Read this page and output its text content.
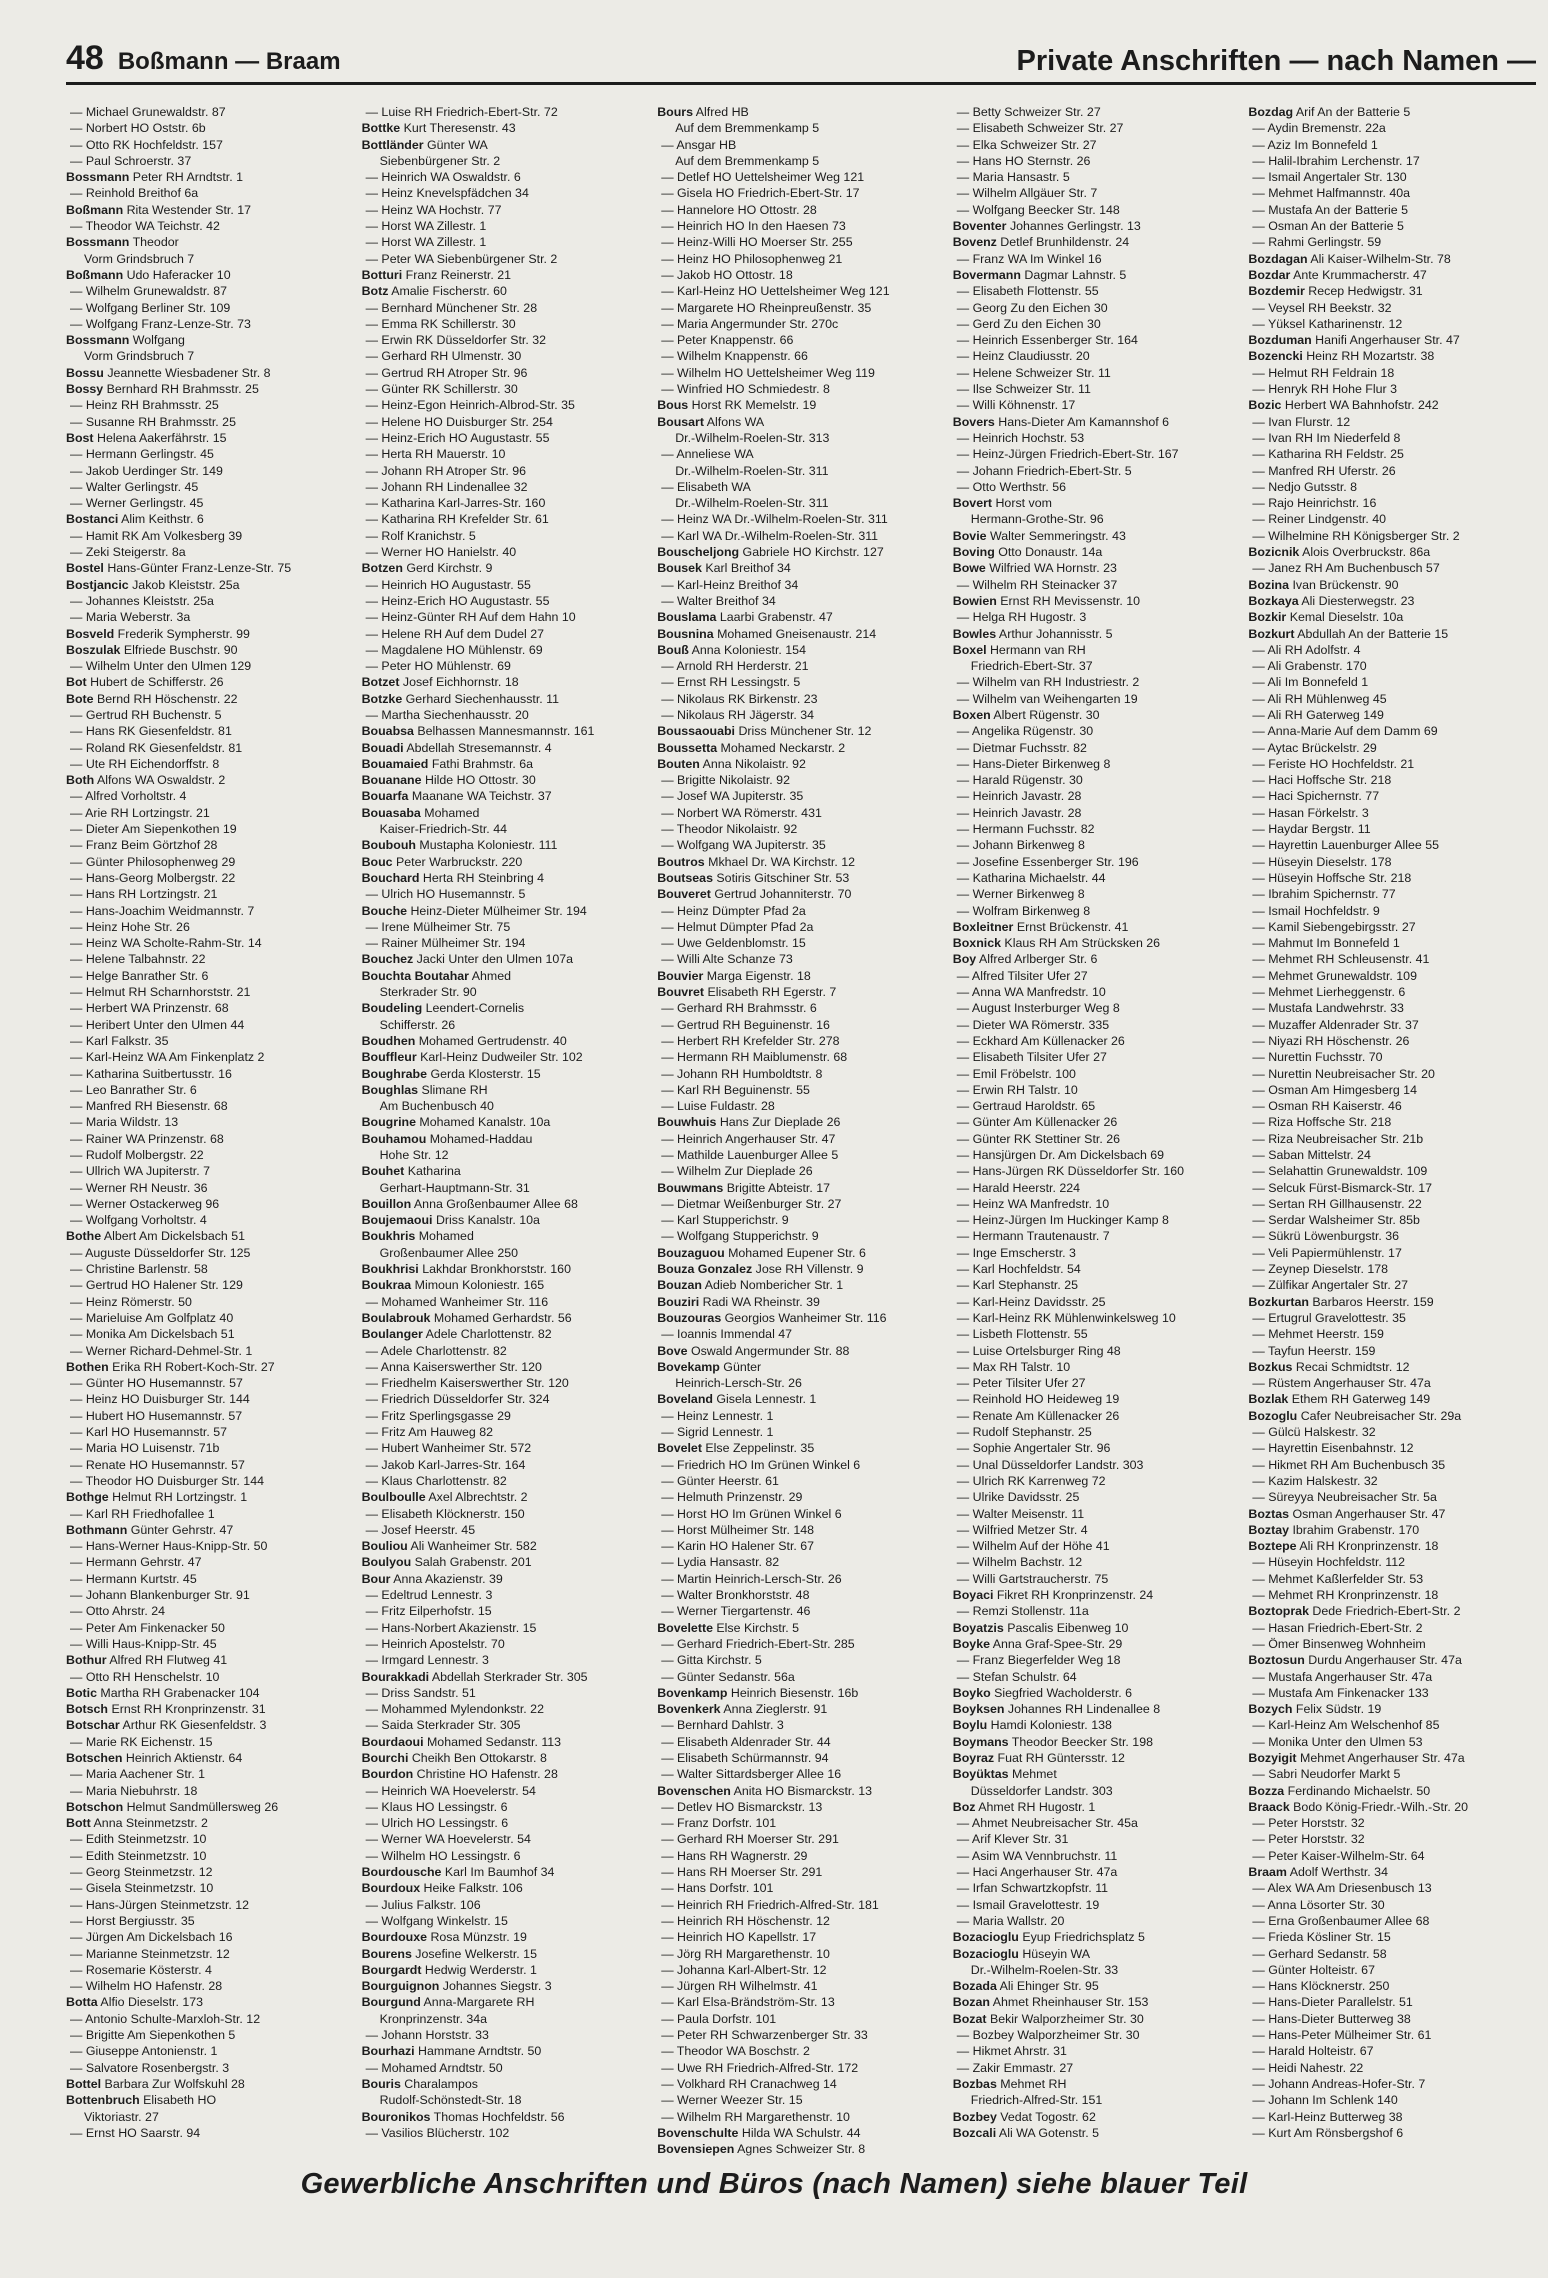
48 Boßmann — Braam	Private Anschriften — nach Namen —
— Michael Grunewaldstr. 87
— Norbert HO Oststr. 6b
— Otto RK Hochfeldstr. 157
— Paul Schroerstr. 37
Bossmann Peter RH Arndtstr. 1
— Reinhold Breithof 6a
Boßmann Rita Westender Str. 17
— Theodor WA Teichstr. 42
Bossmann Theodor
Vorm Grindsbruch 7
Boßmann Udo Haferacker 10
— Wilhelm Grunewaldstr. 87
— Wolfgang Berliner Str. 109
— Wolfgang Franz-Lenze-Str. 73
Bossmann Wolfgang
Vorm Grindsbruch 7
Bossu Jeannette Wiesbadener Str. 8
Bossy Bernhard RH Brahmsstr. 25
— Heinz RH Brahmsstr. 25
— Susanne RH Brahmsstr. 25
Bost Helena Aakerfährstr. 15
— Hermann Gerlingstr. 45
— Jakob Uerdinger Str. 149
— Walter Gerlingstr. 45
— Werner Gerlingstr. 45
Bostanci Alim Keithstr. 6
— Hamit RK Am Volkesberg 39
— Zeki Steigerstr. 8a
Bostel Hans-Günter Franz-Lenze-Str. 75
Bostjancic Jakob Kleiststr. 25a
— Johannes Kleiststr. 25a
— Maria Weberstr. 3a
Bosveld Frederik Sympherstr. 99
Boszulak Elfriede Buschstr. 90
— Wilhelm Unter den Ulmen 129
Bot Hubert de Schifferstr. 26
Bote Bernd RH Höschenstr. 22
— Gertrud RH Buchenstr. 5
— Hans RK Giesenfeldstr. 81
— Roland RK Giesenfeldstr. 81
— Ute RH Eichendorffstr. 8
Both Alfons WA Oswaldstr. 2
— Alfred Vorholtstr. 4
— Arie RH Lortzingstr. 21
— Dieter Am Siepenkothen 19
— Franz Beim Görtzhof 28
— Günter Philosophenweg 29
— Hans-Georg Molbergstr. 22
— Hans RH Lortzingstr. 21
— Hans-Joachim Weidmannstr. 7
— Heinz Hohe Str. 26
— Heinz WA Scholte-Rahm-Str. 14
— Helene Talbahnstr. 22
— Helge Banrather Str. 6
— Helmut RH Scharnhorststr. 21
— Herbert WA Prinzenstr. 68
— Heribert Unter den Ulmen 44
— Karl Falkstr. 35
— Karl-Heinz WA Am Finkenplatz 2
— Katharina Suitbertusstr. 16
— Leo Banrather Str. 6
— Manfred RH Biesenstr. 68
— Maria Wildstr. 13
— Rainer WA Prinzenstr. 68
— Rudolf Molbergstr. 22
— Ullrich WA Jupiterstr. 7
— Werner RH Neustr. 36
— Werner Ostackerweg 96
— Wolfgang Vorholtstr. 4
Bothe Albert Am Dickelsbach 51
— Auguste Düsseldorfer Str. 125
— Christine Barlenstr. 58
— Gertrud HO Halener Str. 129
— Heinz Römerstr. 50
— Marieluise Am Golfplatz 40
— Monika Am Dickelsbach 51
— Werner Richard-Dehmel-Str. 1
Bothen Erika RH Robert-Koch-Str. 27
— Günter HO Husemannstr. 57
— Heinz HO Duisburger Str. 144
— Hubert HO Husemannstr. 57
— Karl HO Husemannstr. 57
— Maria HO Luisenstr. 71b
— Renate HO Husemannstr. 57
— Theodor HO Duisburger Str. 144
Bothge Helmut RH Lortzingstr. 1
— Karl RH Friedhofallee 1
Bothmann Günter Gehrstr. 47
— Hans-Werner Haus-Knipp-Str. 50
— Hermann Gehrstr. 47
— Hermann Kurtstr. 45
— Johann Blankenburger Str. 91
— Otto Ahrstr. 24
— Peter Am Finkenacker 50
— Willi Haus-Knipp-Str. 45
Bothur Alfred RH Flutweg 41
— Otto RH Henschelstr. 10
Botic Martha RH Grabenacker 104
Botsch Ernst RH Kronprinzenstr. 31
Botschar Arthur RK Giesenfeldstr. 3
— Marie RK Eichenstr. 15
Botschen Heinrich Aktienstr. 64
— Maria Aachener Str. 1
— Maria Niebuhrstr. 18
Botschon Helmut Sandmüllersweg 26
Bott Anna Steinmetzstr. 2
— Edith Steinmetzstr. 10
— Edith Steinmetzstr. 10
— Georg Steinmetzstr. 12
— Gisela Steinmetzstr. 10
— Hans-Jürgen Steinmetzstr. 12
— Horst Bergiusstr. 35
— Jürgen Am Dickelsbach 16
— Marianne Steinmetzstr. 12
— Rosemarie Kösterstr. 4
— Wilhelm HO Hafenstr. 28
Botta Alfio Dieselstr. 173
— Antonio Schulte-Marxloh-Str. 12
— Brigitte Am Siepenkothen 5
— Giuseppe Antonienstr. 1
— Salvatore Rosenbergstr. 3
Bottel Barbara Zur Wolfskuhl 28
Bottenbruch Elisabeth HO
Viktoriastr. 27
— Ernst HO Saarstr. 94
— Luise RH Friedrich-Ebert-Str. 72
Bottke Kurt Theresenstr. 43
Bottländer Günter WA
Siebenbürgener Str. 2
— Heinrich WA Oswaldstr. 6
— Heinz Knevelspfädchen 34
— Heinz WA Hochstr. 77
— Horst WA Zillestr. 1
— Horst WA Zillestr. 1
— Peter WA Siebenbürgener Str. 2
Botturi Franz Reinerstr. 21
Botz Amalie Fischerstr. 60
— Bernhard Münchener Str. 28
— Emma RK Schillerstr. 30
— Erwin RK Düsseldorfer Str. 32
— Gerhard RH Ulmenstr. 30
— Gertrud RH Atroper Str. 96
— Günter RK Schillerstr. 30
— Heinz-Egon Heinrich-Albrod-Str. 35
— Helene HO Duisburger Str. 254
— Heinz-Erich HO Augustastr. 55
— Herta RH Mauerstr. 10
— Johann RH Atroper Str. 96
— Johann RH Lindenallee 32
— Katharina Karl-Jarres-Str. 160
— Katharina RH Krefelder Str. 61
— Rolf Kranichstr. 5
— Werner HO Hanielstr. 40
Botzen Gerd Kirchstr. 9
— Heinrich HO Augustastr. 55
— Heinz-Erich HO Augustastr. 55
— Heinz-Günter RH Auf dem Hahn 10
— Helene RH Auf dem Dudel 27
— Magdalene HO Mühlenstr. 69
— Peter HO Mühlenstr. 69
Botzet Josef Eichhornstr. 18
Botzke Gerhard Siechenhausstr. 11
— Martha Siechenhausstr. 20
Bouabsa Belhassen Mannesmannstr. 161
Bouadi Abdellah Stresemannstr. 4
Bouamaied Fathi Brahmstr. 6a
Bouanane Hilde HO Ottostr. 30
Bouarfa Maanane WA Teichstr. 37
Bouasaba Mohamed
Kaiser-Friedrich-Str. 44
Boubouh Mustapha Koloniestr. 111
Bouc Peter Warbruckstr. 220
Bouchard Herta RH Steinbring 4
— Ulrich HO Husemannstr. 5
Bouche Heinz-Dieter Mülheimer Str. 194
— Irene Mülheimer Str. 75
— Rainer Mülheimer Str. 194
Bouchez Jacki Unter den Ulmen 107a
Bouchta Boutahar Ahmed
Sterkrader Str. 90
Boudeling Leendert-Cornelis
Schifferstr. 26
Boudhen Mohamed Gertrudenstr. 40
Bouffleur Karl-Heinz Dudweiler Str. 102
Boughrabe Gerda Klosterstr. 15
Boughlas Slimane RH
Am Buchenbusch 40
Bougrine Mohamed Kanalstr. 10a
Bouhamou Mohamed-Haddau
Hohe Str. 12
Bouhet Katharina
Gerhart-Hauptmann-Str. 31
Bouillon Anna Großenbaumer Allee 68
Boujemaoui Driss Kanalstr. 10a
Boukhris Mohamed
Großenbaumer Allee 250
Boukhrisi Lakhdar Bronkhorststr. 160
Boukraa Mimoun Koloniestr. 165
— Mohamed Wanheimer Str. 116
Boulabrouk Mohamed Gerhardstr. 56
Boulanger Adele Charlottenstr. 82
— Adele Charlottenstr. 82
— Anna Kaiserswerther Str. 120
— Friedhelm Kaiserswerther Str. 120
— Friedrich Düsseldorfer Str. 324
— Fritz Sperlingsgasse 29
— Fritz Am Hauweg 82
— Hubert Wanheimer Str. 572
— Jakob Karl-Jarres-Str. 164
— Klaus Charlottenstr. 82
Boulboulle Axel Albrechtstr. 2
— Elisabeth Klöcknerstr. 150
— Josef Heerstr. 45
Bouliou Ali Wanheimer Str. 582
Boulyou Salah Grabenstr. 201
Bour Anna Akazienstr. 39
— Edeltrud Lennestr. 3
— Fritz Eilperhofstr. 15
— Hans-Norbert Akazienstr. 15
— Heinrich Apostelstr. 70
— Irmgard Lennestr. 3
Bourakkadi Abdellah Sterkrader Str. 305
— Driss Sandstr. 51
— Mohammed Mylendonkstr. 22
— Saida Sterkrader Str. 305
Bourdaoui Mohamed Sedanstr. 113
Bourchi Cheikh Ben Ottokarstr. 8
Bourdon Christine HO Hafenstr. 28
— Heinrich WA Hoevelerstr. 54
— Klaus HO Lessingstr. 6
— Ulrich HO Lessingstr. 6
— Werner WA Hoevelerstr. 54
— Wilhelm HO Lessingstr. 6
Bourdousche Karl Im Baumhof 34
Bourdoux Heike Falkstr. 106
— Julius Falkstr. 106
— Wolfgang Winkelstr. 15
Bourdouxe Rosa Münzstr. 19
Bourens Josefine Welkerstr. 15
Bourgardt Hedwig Werderstr. 1
Bourguignon Johannes Siegstr. 3
Bourgund Anna-Margarete RH
Kronprinzenstr. 34a
— Johann Horststr. 33
Bourhazi Hammane Arndtstr. 50
— Mohamed Arndtstr. 50
Bouris Charalampos
Rudolf-Schönstedt-Str. 18
Bouronikos Thomas Hochfeldstr. 56
— Vasilios Blücherstr. 102
Bours Alfred HB
Auf dem Bremmenkamp 5
— Ansgar HB
Auf dem Bremmenkamp 5
— Detlef HO Uettelsheimer Weg 121
— Gisela HO Friedrich-Ebert-Str. 17
— Hannelore HO Ottostr. 28
— Heinrich HO In den Haesen 73
— Heinz-Willi HO Moerser Str. 255
— Heinz HO Philosophenweg 21
— Jakob HO Ottostr. 18
— Karl-Heinz HO Uettelsheimer Weg 121
— Margarete HO Rheinpreußenstr. 35
— Maria Angermunder Str. 270c
— Peter Knappenstr. 66
— Wilhelm Knappenstr. 66
— Wilhelm HO Uettelsheimer Weg 119
— Winfried HO Schmiedestr. 8
Bous Horst RK Memelstr. 19
Bousart Alfons WA
Dr.-Wilhelm-Roelen-Str. 313
— Anneliese WA
Dr.-Wilhelm-Roelen-Str. 311
— Elisabeth WA
Dr.-Wilhelm-Roelen-Str. 311
— Heinz WA Dr.-Wilhelm-Roelen-Str. 311
— Karl WA Dr.-Wilhelm-Roelen-Str. 311
Bouscheljong Gabriele HO Kirchstr. 127
Bousek Karl Breithof 34
— Karl-Heinz Breithof 34
— Walter Breithof 34
Bouslama Laarbi Grabenstr. 47
Bousnina Mohamed Gneisenaustr. 214
Bouß Anna Koloniestr. 154
— Arnold RH Herderstr. 21
— Ernst RH Lessingstr. 5
— Nikolaus RK Birkenstr. 23
— Nikolaus RH Jägerstr. 34
Boussaouabi Driss Münchener Str. 12
Boussetta Mohamed Neckarstr. 2
Bouten Anna Nikolaistr. 92
— Brigitte Nikolaistr. 92
— Josef WA Jupiterstr. 35
— Norbert WA Römerstr. 431
— Theodor Nikolaistr. 92
— Wolfgang WA Jupiterstr. 35
Boutros Mkhael Dr. WA Kirchstr. 12
Boutseas Sotiris Gitschiner Str. 53
Bouveret Gertrud Johanniterstr. 70
— Heinz Dümpter Pfad 2a
— Helmut Dümpter Pfad 2a
— Uwe Geldenblomstr. 15
— Willi Alte Schanze 73
Bouvier Marga Eigenstr. 18
Bouvret Elisabeth RH Egerstr. 7
— Gerhard RH Brahmsstr. 6
— Gertrud RH Beguinenstr. 16
— Herbert RH Krefelder Str. 278
— Hermann RH Maiblumenstr. 68
— Johann RH Humboldtstr. 8
— Karl RH Beguinenstr. 55
— Luise Fuldastr. 28
Bouwhuis Hans Zur Dieplade 26
— Heinrich Angerhauser Str. 47
— Mathilde Lauenburger Allee 5
— Wilhelm Zur Dieplade 26
Bouwmans Brigitte Abteistr. 17
— Dietmar Weißenburger Str. 27
— Karl Stupperichstr. 9
— Wolfgang Stupperichstr. 9
Bouzaguou Mohamed Eupener Str. 6
Bouza Gonzalez Jose RH Villenstr. 9
Bouzan Adieb Nombericher Str. 1
Bouziri Radi WA Rheinstr. 39
Bouzouras Georgios Wanheimer Str. 116
— Ioannis Immendal 47
Bove Oswald Angermunder Str. 88
Bovekamp Günter
Heinrich-Lersch-Str. 26
Boveland Gisela Lennestr. 1
— Heinz Lennestr. 1
— Sigrid Lennestr. 1
Bovelet Else Zeppelinstr. 35
— Friedrich HO Im Grünen Winkel 6
— Günter Heerstr. 61
— Helmuth Prinzenstr. 29
— Horst HO Im Grünen Winkel 6
— Horst Mülheimer Str. 148
— Karin HO Halener Str. 67
— Lydia Hansastr. 82
— Martin Heinrich-Lersch-Str. 26
— Walter Bronkhorststr. 48
— Werner Tiergartenstr. 46
Bovelette Else Kirchstr. 5
— Gerhard Friedrich-Ebert-Str. 285
— Gitta Kirchstr. 5
— Günter Sedanstr. 56a
Bovenkamp Heinrich Biesenstr. 16b
Bovenkerk Anna Zieglerstr. 91
— Bernhard Dahlstr. 3
— Elisabeth Aldenrader Str. 44
— Elisabeth Schürmannstr. 94
— Walter Sittardsberger Allee 16
Bovenschen Anita HO Bismarckstr. 13
— Detlev HO Bismarckstr. 13
— Franz Dorfstr. 101
— Gerhard RH Moerser Str. 291
— Hans RH Wagnerstr. 29
— Hans RH Moerser Str. 291
— Hans Dorfstr. 101
— Heinrich RH Friedrich-Alfred-Str. 181
— Heinrich RH Höschenstr. 12
— Heinrich HO Kapellstr. 17
— Jörg RH Margarethenstr. 10
— Johanna Karl-Albert-Str. 12
— Jürgen RH Wilhelmstr. 41
— Karl Elsa-Brändström-Str. 13
— Paula Dorfstr. 101
— Peter RH Schwarzenberger Str. 33
— Theodor WA Boschstr. 2
— Uwe RH Friedrich-Alfred-Str. 172
— Volkhard RH Cranachweg 14
— Werner Weezer Str. 15
— Wilhelm RH Margarethenstr. 10
Bovenschulte Hilda WA Schulstr. 44
Bovensiepen Agnes Schweizer Str. 8
— Betty Schweizer Str. 27
— Elisabeth Schweizer Str. 27
— Elka Schweizer Str. 27
— Hans HO Sternstr. 26
— Maria Hansastr. 5
— Wilhelm Allgäuer Str. 7
— Wolfgang Beecker Str. 148
Boventer Johannes Gerlingstr. 13
Bovenz Detlef Brunhildenstr. 24
— Franz WA Im Winkel 16
Bovermann Dagmar Lahnstr. 5
— Elisabeth Flottenstr. 55
— Georg Zu den Eichen 30
— Gerd Zu den Eichen 30
— Heinrich Essenberger Str. 164
— Heinz Claudiusstr. 20
— Helene Schweizer Str. 11
— Ilse Schweizer Str. 11
— Willi Köhnenstr. 17
Bovers Hans-Dieter Am Kamannshof 6
— Heinrich Hochstr. 53
— Heinz-Jürgen Friedrich-Ebert-Str. 167
— Johann Friedrich-Ebert-Str. 5
— Otto Werthstr. 56
Bovert Horst vom
Hermann-Grothe-Str. 96
Bovie Walter Semmeringstr. 43
Boving Otto Donaustr. 14a
Bowe Wilfried WA Hornstr. 23
— Wilhelm RH Steinacker 37
Bowien Ernst RH Mevissenstr. 10
— Helga RH Hugostr. 3
Bowles Arthur Johannisstr. 5
Boxel Hermann van RH
Friedrich-Ebert-Str. 37
— Wilhelm van RH Industriestr. 2
— Wilhelm van Weihengarten 19
Boxen Albert Rügenstr. 30
— Angelika Rügenstr. 30
— Dietmar Fuchsstr. 82
— Hans-Dieter Birkenweg 8
— Harald Rügenstr. 30
— Heinrich Javastr. 28
— Heinrich Javastr. 28
— Hermann Fuchsstr. 82
— Johann Birkenweg 8
— Josefine Essenberger Str. 196
— Katharina Michaelstr. 44
— Werner Birkenweg 8
— Wolfram Birkenweg 8
Boxleitner Ernst Brückenstr. 41
Boxnick Klaus RH Am Strücksken 26
Boy Alfred Arlberger Str. 6
— Alfred Tilsiter Ufer 27
— Anna WA Manfredstr. 10
— August Insterburger Weg 8
— Dieter WA Römerstr. 335
— Eckhard Am Küllenacker 26
— Elisabeth Tilsiter Ufer 27
— Emil Fröbelstr. 100
— Erwin RH Talstr. 10
— Gertraud Haroldstr. 65
— Günter Am Küllenacker 26
— Günter RK Stettiner Str. 26
— Hansjürgen Dr. Am Dickelsbach 69
— Hans-Jürgen RK Düsseldorfer Str. 160
— Harald Heerstr. 224
— Heinz WA Manfredstr. 10
— Heinz-Jürgen Im Huckinger Kamp 8
— Hermann Trautenaustr. 7
— Inge Emscherstr. 3
— Karl Hochfeldstr. 54
— Karl Stephanstr. 25
— Karl-Heinz Davidsstr. 25
— Karl-Heinz RK Mühlenwinkelsweg 10
— Lisbeth Flottenstr. 55
— Luise Ortelsburger Ring 48
— Max RH Talstr. 10
— Peter Tilsiter Ufer 27
— Reinhold HO Heideweg 19
— Renate Am Küllenacker 26
— Rudolf Stephanstr. 25
— Sophie Angertaler Str. 96
— Unal Düsseldorfer Landstr. 303
— Ulrich RK Karrenweg 72
— Ulrike Davidsstr. 25
— Walter Meisenstr. 11
— Wilfried Metzer Str. 4
— Wilhelm Auf der Höhe 41
— Wilhelm Bachstr. 12
— Willi Gartstraucherstr. 75
Boyaci Fikret RH Kronprinzenstr. 24
— Remzi Stollenstr. 11a
Boyatzis Pascalis Eibenweg 10
Boyke Anna Graf-Spee-Str. 29
— Franz Biegerfelder Weg 18
— Stefan Schulstr. 64
Boyko Siegfried Wacholderstr. 6
Boyksen Johannes RH Lindenallee 8
Boylu Hamdi Koloniestr. 138
Boymans Theodor Beecker Str. 198
Boyraz Fuat RH Güntersstr. 12
Boyüktas Mehmet
Düsseldorfer Landstr. 303
Boz Ahmet RH Hugostr. 1
— Ahmet Neubreisacher Str. 45a
— Arif Klever Str. 31
— Asim WA Vennbruchstr. 11
— Haci Angerhauser Str. 47a
— Irfan Schwartzkopfstr. 11
— Ismail Gravelottestr. 19
— Maria Wallstr. 20
Bozacioglu Eyup Friedrichsplatz 5
Bozacioglu Hüseyin WA
Dr.-Wilhelm-Roelen-Str. 33
Bozada Ali Ehinger Str. 95
Bozan Ahmet Rheinhauser Str. 153
Bozat Bekir Walporzheimer Str. 30
— Bozbey Walporzheimer Str. 30
— Hikmet Ahrstr. 31
— Zakir Emmastr. 27
Bozbas Mehmet RH
Friedrich-Alfred-Str. 151
Bozbey Vedat Togostr. 62
Bozcali Ali WA Gotenstr. 5
Bozdag Arif An der Batterie 5
— Aydin Bremenstr. 22a
— Aziz Im Bonnefeld 1
— Halil-Ibrahim Lerchenstr. 17
— Ismail Angertaler Str. 130
— Mehmet Halfmannstr. 40a
— Mustafa An der Batterie 5
— Osman An der Batterie 5
— Rahmi Gerlingstr. 59
Bozdagan Ali Kaiser-Wilhelm-Str. 78
Bozdar Ante Krummacherstr. 47
Bozdemir Recep Hedwigstr. 31
— Veysel RH Beekstr. 32
— Yüksel Katharinenstr. 12
Bozduman Hanifi Angerhauser Str. 47
Bozencki Heinz RH Mozartstr. 38
— Helmut RH Feldrain 18
— Henryk RH Hohe Flur 3
Bozic Herbert WA Bahnhofstr. 242
— Ivan Flurstr. 12
— Ivan RH Im Niederfeld 8
— Katharina RH Feldstr. 25
— Manfred RH Uferstr. 26
— Nedjo Gutsstr. 8
— Rajo Heinrichstr. 16
— Reiner Lindgenstr. 40
— Wilhelmine RH Königsberger Str. 2
Bozicnik Alois Overbruckstr. 86a
— Janez RH Am Buchenbusch 57
Bozina Ivan Brückenstr. 90
Bozkaya Ali Diesterwegstr. 23
Bozkir Kemal Dieselstr. 10a
Bozkurt Abdullah An der Batterie 15
— Ali RH Adolfstr. 4
— Ali Grabenstr. 170
— Ali Im Bonnefeld 1
— Ali RH Mühlenweg 45
— Ali RH Gaterweg 149
— Anna-Marie Auf dem Damm 69
— Aytac Brückelstr. 29
— Feriste HO Hochfeldstr. 21
— Haci Hoffsche Str. 218
— Haci Spichernstr. 77
— Hasan Förkelstr. 3
— Haydar Bergstr. 11
— Hayrettin Lauenburger Allee 55
— Hüseyin Dieselstr. 178
— Hüseyin Hoffsche Str. 218
— Ibrahim Spichernstr. 77
— Ismail Hochfeldstr. 9
— Kamil Siebengebirgsstr. 27
— Mahmut Im Bonnefeld 1
— Mehmet RH Schleusenstr. 41
— Mehmet Grunewaldstr. 109
— Mehmet Lierheggenstr. 6
— Mustafa Landwehrstr. 33
— Muzaffer Aldenrader Str. 37
— Niyazi RH Höschenstr. 26
— Nurettin Fuchsstr. 70
— Nurettin Neubreisacher Str. 20
— Osman Am Himgesberg 14
— Osman RH Kaiserstr. 46
— Riza Hoffsche Str. 218
— Riza Neubreisacher Str. 21b
— Saban Mittelstr. 24
— Selahattin Grunewaldstr. 109
— Selcuk Fürst-Bismarck-Str. 17
— Sertan RH Gillhausenstr. 22
— Serdar Walsheimer Str. 85b
— Sükrü Löwenburgstr. 36
— Veli Papiermühlenstr. 17
— Zeynep Dieselstr. 178
— Zülfikar Angertaler Str. 27
Bozkurtan Barbaros Heerstr. 159
— Ertugrul Gravelottestr. 35
— Mehmet Heerstr. 159
— Tayfun Heerstr. 159
Bozkus Recai Schmidtstr. 12
— Rüstem Angerhauser Str. 47a
Bozlak Ethem RH Gaterweg 149
Bozoglu Cafer Neubreisacher Str. 29a
— Gülcü Halskestr. 32
— Hayrettin Eisenbahnstr. 12
— Hikmet RH Am Buchenbusch 35
— Kazim Halskestr. 32
— Süreyya Neubreisacher Str. 5a
Boztas Osman Angerhauser Str. 47
Boztay Ibrahim Grabenstr. 170
Boztepe Ali RH Kronprinzenstr. 18
— Hüseyin Hochfeldstr. 112
— Mehmet Kaßlerfelder Str. 53
— Mehmet RH Kronprinzenstr. 18
Boztoprak Dede Friedrich-Ebert-Str. 2
— Hasan Friedrich-Ebert-Str. 2
— Ömer Binsenweg Wohnheim
Boztosun Durdu Angerhauser Str. 47a
— Mustafa Angerhauser Str. 47a
— Mustafa Am Finkenacker 133
Bozych Felix Südstr. 19
— Karl-Heinz Am Welschenhof 85
— Monika Unter den Ulmen 53
Bozyigit Mehmet Angerhauser Str. 47a
— Sabri Neudorfer Markt 5
Bozza Ferdinando Michaelstr. 50
Braack Bodo König-Friedr.-Wilh.-Str. 20
— Peter Horststr. 32
— Peter Horststr. 32
— Peter Kaiser-Wilhelm-Str. 64
Braam Adolf Werthstr. 34
— Alex WA Am Driesenbusch 13
— Anna Lösorter Str. 30
— Erna Großenbaumer Allee 68
— Frieda Kösliner Str. 15
— Gerhard Sedanstr. 58
— Günter Holteistr. 67
— Hans Klöcknerstr. 250
— Hans-Dieter Parallelstr. 51
— Hans-Dieter Butterweg 38
— Hans-Peter Mülheimer Str. 61
— Harald Holteistr. 67
— Heidi Nahestr. 22
— Johann Andreas-Hofer-Str. 7
— Johann Im Schlenk 140
— Karl-Heinz Butterweg 38
— Kurt Am Rönsbergshof 6
Gewerbliche Anschriften und Büros (nach Namen) siehe blauer Teil
